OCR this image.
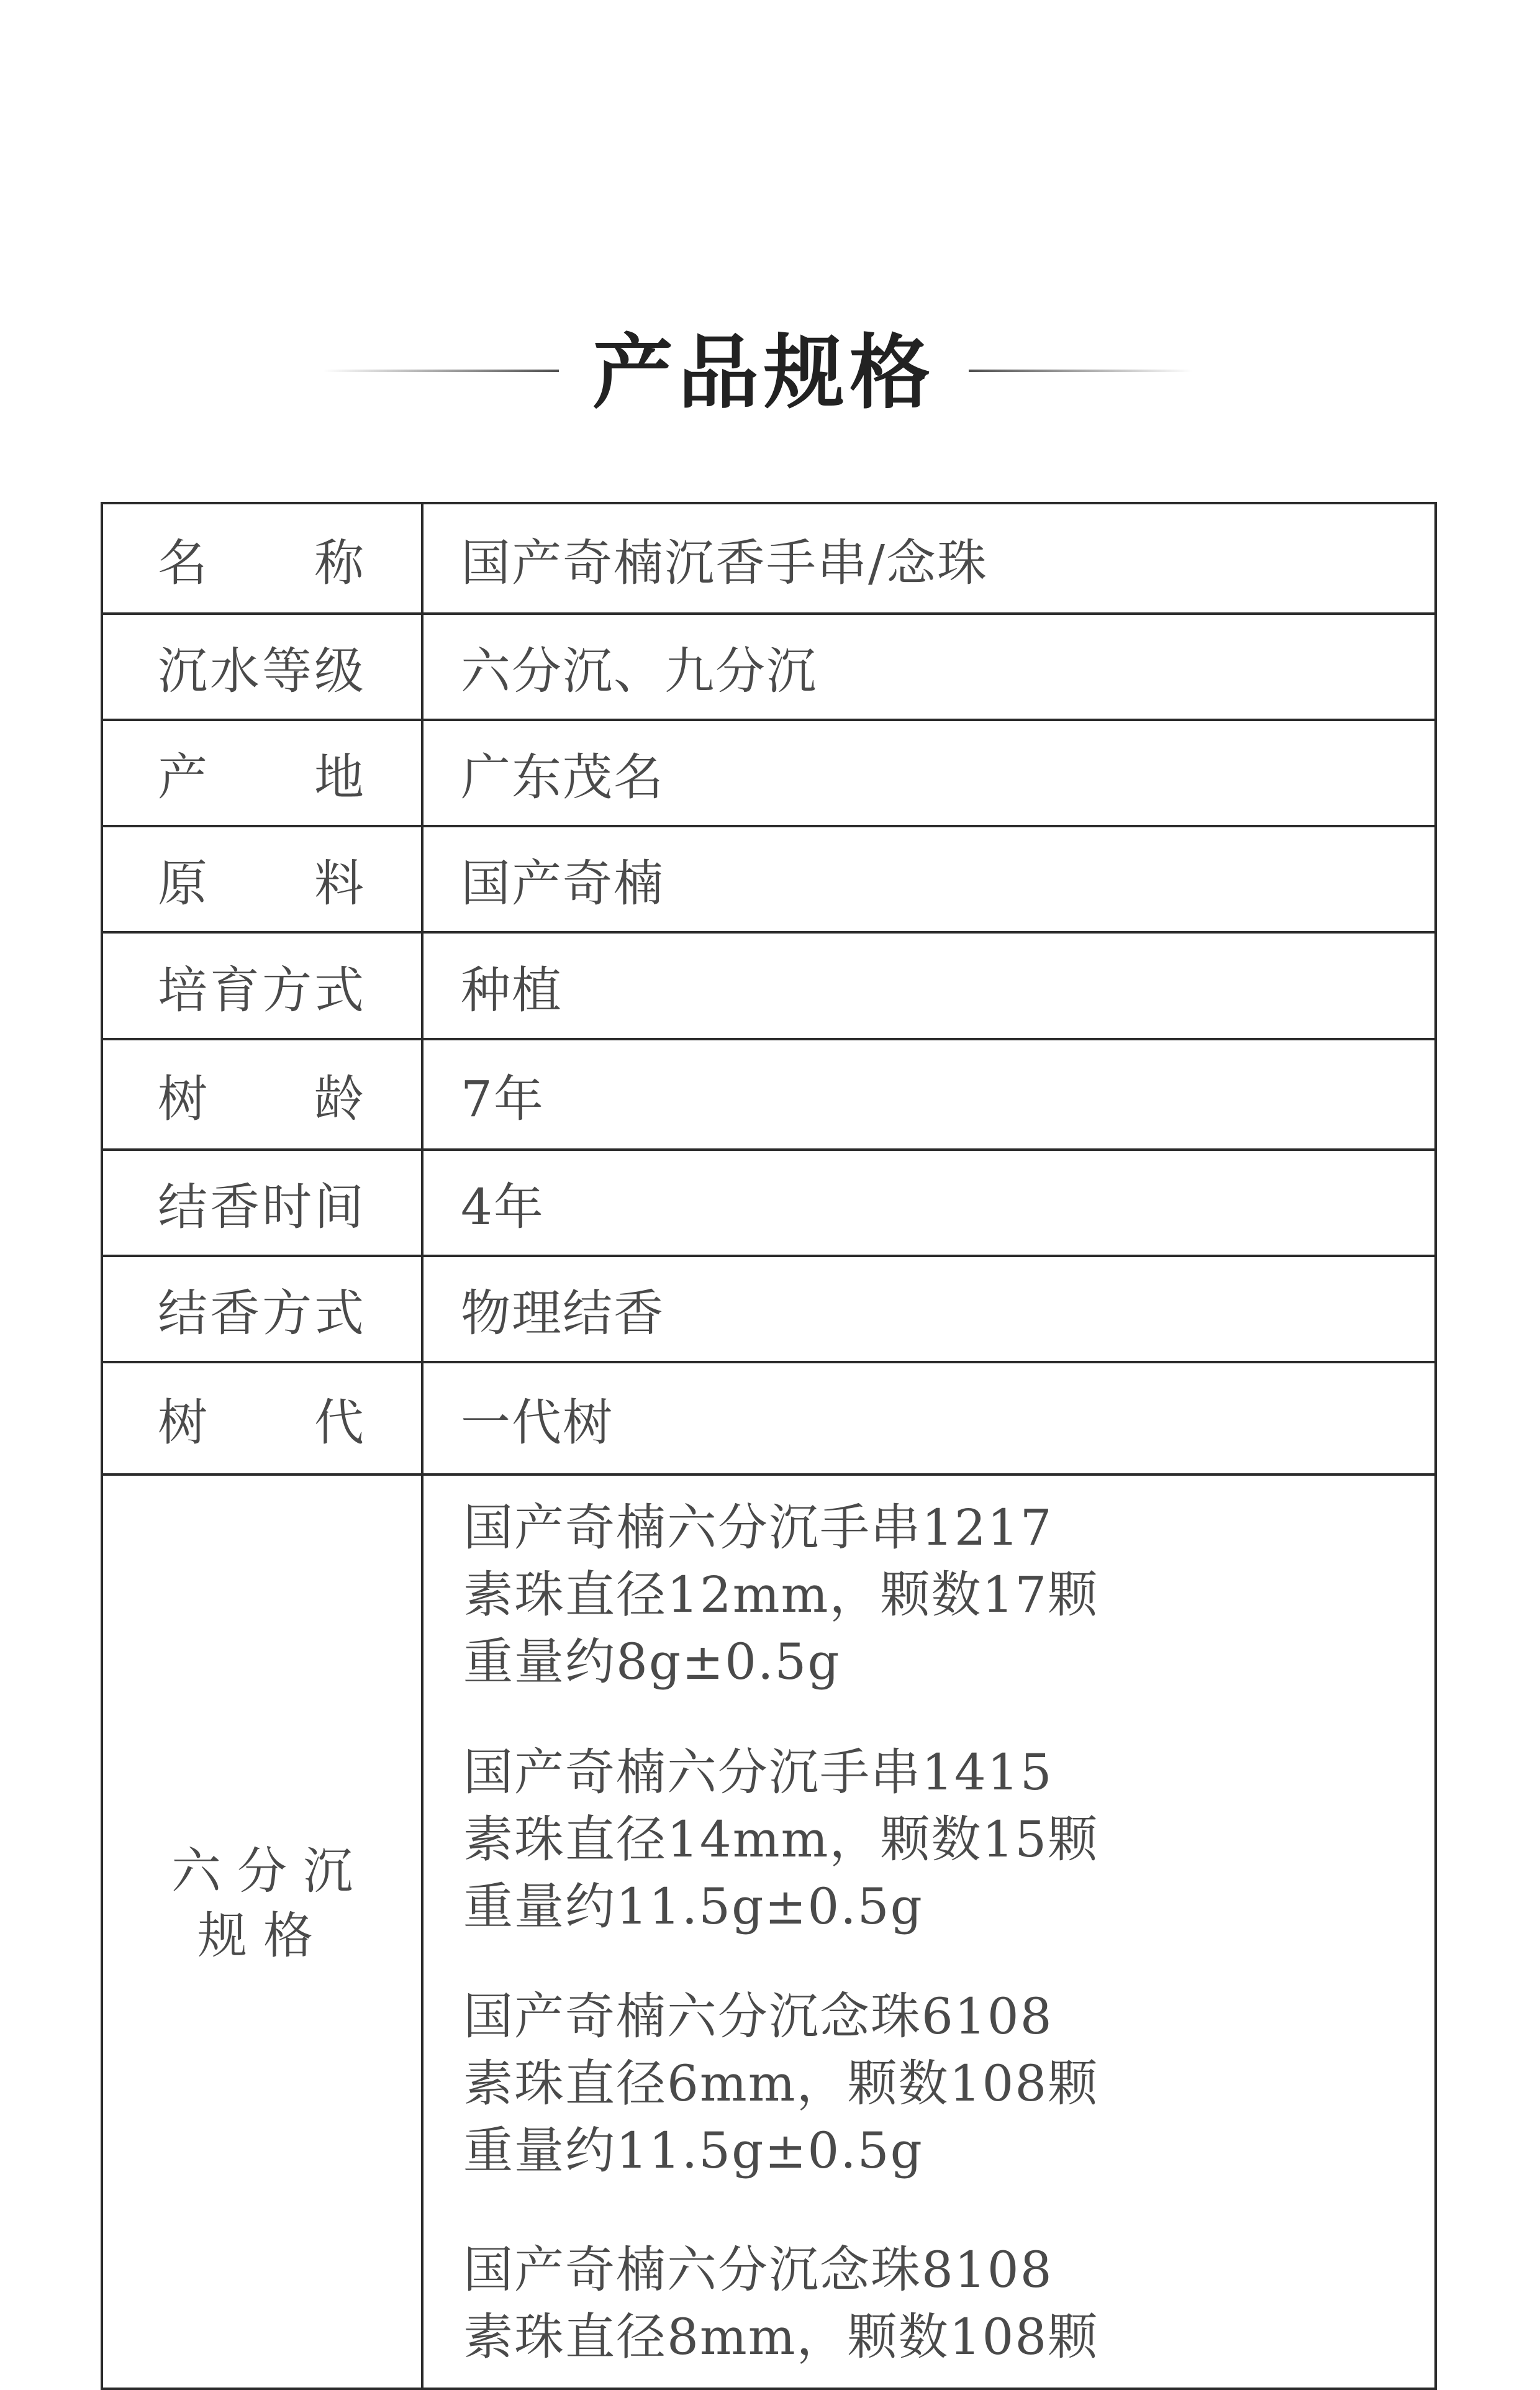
产品规格
名　　称 国产奇楠沉香手串/念珠
沉水等级 六分沉、九分沉
产　　地 广东茂名
原　　料 国产奇楠
培育方式 种植
树　　龄 7年
结香时间 4年
结香方式 物理结香
树　　代 一代树
六分沉
规格
国产奇楠六分沉手串1217
素珠直径12mm，颗数17颗
重量约8g±0.5g
国产奇楠六分沉手串1415
素珠直径14mm，颗数15颗
重量约11.5g±0.5g
国产奇楠六分沉念珠6108
素珠直径6mm，颗数108颗
重量约11.5g±0.5g
国产奇楠六分沉念珠8108
素珠直径8mm，颗数108颗
